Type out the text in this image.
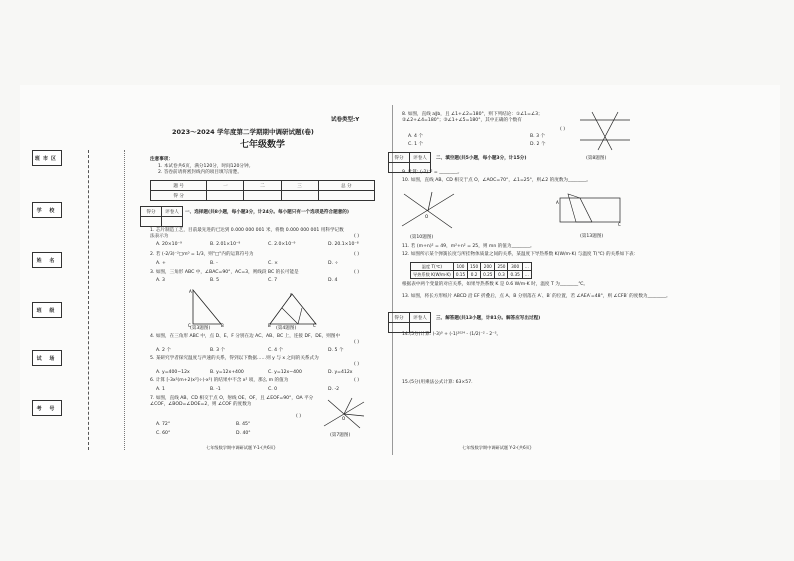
班市区
学 校
姓 名
班 级
试 场
考 号
试卷类型:Y
2023～2024 学年度第二学期期中调研试题(卷)
七年级数学
注意事项：
1. 本试卷共6页，满分120分，时间120分钟。
2. 答卷前请将密封线内的项目填写清楚。
题 号	一	二	三	总 分
得 分				
得分	评卷人
	一、选择题(共8小题，每小题3分，计24分。每小题只有一个选项是符合题意的)
1. 芯片制造工艺，目前最先进的已达到 0.000 000 001 米，将数 0.000 000 001 用科学记数法表示为	( )
A. 20×10⁻⁹	B. 2.01×10⁻⁹	C. 2.0×10⁻⁹	D. 20.1×10⁻⁸
2. 若 (-2/3)⁻²□m⁰ = 1/3，则"□"内的运算符号为	( )
A. +	B. -	C. ×	D. ÷
3. 如图，三角形 ABC 中，∠BAC=90°，AC=3，则线段 BC 的长可能是	( )
A. 3	B. 5	C. 7	D. 4
A
C	B
(第3题图)
F
B	C
(第4题图)
4. 如图，在三角形 ABC 中，点 D、E、F 分别在边 AC、AB、BC 上，连接 DF、DE，则图中
( )
A. 2 个	B. 3 个	C. 4 个	D. 5 个
5. 某研究学者探究温度与声速的关系，得到以下数据……则 y 与 x 之间的关系式为
( )
A. y=400−12x	B. y=12x+400	C. y=12x−400	D. y=412x
6. 计算 [-3x²(m+2)x²]÷(-x²) 的结果中不含 x² 项，那么 m 的值为	( )
A. 1	B. -1	C. 0	D. -2
7. 如图，直线 AB、CD 相交于点 O，射线 OE、OF，且 ∠EOF=90°，OA 平分∠COF，∠BOD=∠DOE=2，则 ∠COF 的度数为
( )
A. 72°	B. 45°
C. 60°	D. 40°
O
(第7题图)
七年级数学期中调研试题 Y-1-(共6页)
8. 如图，直线 a∥b，且 ∠1+∠2=180°，则下列结论：①∠1=∠3；②∠2+∠4=180°；③∠1+∠5=180°，其中正确的个数有
( )
A. 4 个	B. 3 个
C. 1 个	D. 2 个
(第8题图)
得分	评卷人
	二、填空题(共5小题，每小题3分，计15分)
9. 计算: (-2)⁻² = ________。
10. 如图，直线 AB、CD 相交于点 O，∠AOC=70°，∠1=25°，则∠2 的度数为________。
O
(第10题图)
A
C
(第13题图)
11. 若 (m+n)² = 49，m²+n² = 25，则 mn 的值为________。
12. 如图所示某个弹簧长度与所挂物体质量之间的关系，某温度下导热系数 K(W/m·K) 与温度 T(℃) 的关系如下表：
温度 T(℃)	100	150	200	250	300	…
导热系数 K(W/m·K)	0.15	0.2	0.25	0.3	0.35	…
根据表中两个变量的对应关系，如果导热系数 K 是 0.6 W/m·K 时，温度 T 为________℃。
13. 如图，将长方形纸片 ABCD 沿 EF 折叠后，点 A、B 分别落在 A′、B′ 的位置，若 ∠AEA′=48°，则 ∠CFB′ 的度数为________。
得分	评卷人
	三、解答题(共13小题，计81分。解答应写出过程)
14.(5分)计算: (-3)⁰ + (-1)²⁰²⁴ - (1/2)⁻² - 2⁻³。
15.(5分)用乘法公式计算: 63×57.
七年级数学期中调研试题 Y-2-(共6页)
